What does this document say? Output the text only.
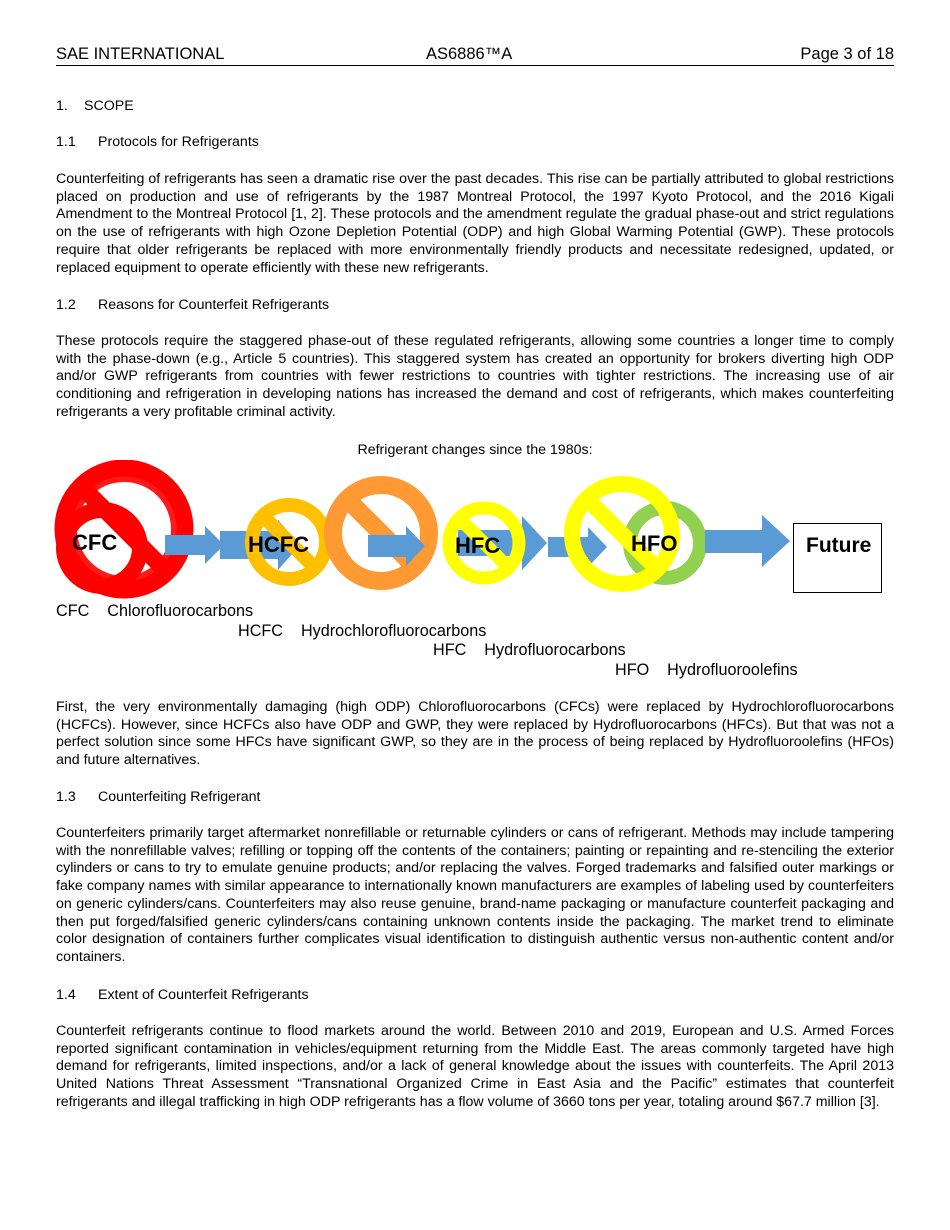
SAE INTERNATIONAL	AS6886™A	Page 3 of 18
1. SCOPE
1.1 Protocols for Refrigerants

Counterfeiting of refrigerants has seen a dramatic rise over the past decades. This rise can be partially attributed to global restrictions placed on production and use of refrigerants by the 1987 Montreal Protocol, the 1997 Kyoto Protocol, and the 2016 Kigali Amendment to the Montreal Protocol [1, 2]. These protocols and the amendment regulate the gradual phase-out and strict regulations on the use of refrigerants with high Ozone Depletion Potential (ODP) and high Global Warming Potential (GWP). These protocols require that older refrigerants be replaced with more environmentally friendly products and necessitate redesigned, updated, or replaced equipment to operate efficiently with these new refrigerants.

1.2 Reasons for Counterfeit Refrigerants

These protocols require the staggered phase-out of these regulated refrigerants, allowing some countries a longer time to comply with the phase-down (e.g., Article 5 countries). This staggered system has created an opportunity for brokers diverting high ODP and/or GWP refrigerants from countries with fewer restrictions to countries with tighter restrictions. The increasing use of air conditioning and refrigeration in developing nations has increased the demand and cost of refrigerants, which makes counterfeiting refrigerants a very profitable criminal activity.

Refrigerant changes since the 1980s:
CFC	HCFC	HFC	HFO	Future
CFC Chlorofluorocarbons
HCFC Hydrochlorofluorocarbons
HFC Hydrofluorocarbons
HFO Hydrofluoroolefins

First, the very environmentally damaging (high ODP) Chlorofluorocarbons (CFCs) were replaced by Hydrochlorofluorocarbons (HCFCs). However, since HCFCs also have ODP and GWP, they were replaced by Hydrofluorocarbons (HFCs). But that was not a perfect solution since some HFCs have significant GWP, so they are in the process of being replaced by Hydrofluoroolefins (HFOs) and future alternatives.

1.3 Counterfeiting Refrigerant

Counterfeiters primarily target aftermarket nonrefillable or returnable cylinders or cans of refrigerant. Methods may include tampering with the nonrefillable valves; refilling or topping off the contents of the containers; painting or repainting and re-stenciling the exterior cylinders or cans to try to emulate genuine products; and/or replacing the valves. Forged trademarks and falsified outer markings or fake company names with similar appearance to internationally known manufacturers are examples of labeling used by counterfeiters on generic cylinders/cans. Counterfeiters may also reuse genuine, brand-name packaging or manufacture counterfeit packaging and then put forged/falsified generic cylinders/cans containing unknown contents inside the packaging. The market trend to eliminate color designation of containers further complicates visual identification to distinguish authentic versus non-authentic content and/or containers.

1.4 Extent of Counterfeit Refrigerants

Counterfeit refrigerants continue to flood markets around the world. Between 2010 and 2019, European and U.S. Armed Forces reported significant contamination in vehicles/equipment returning from the Middle East. The areas commonly targeted have high demand for refrigerants, limited inspections, and/or a lack of general knowledge about the issues with counterfeits. The April 2013 United Nations Threat Assessment “Transnational Organized Crime in East Asia and the Pacific” estimates that counterfeit refrigerants and illegal trafficking in high ODP refrigerants has a flow volume of 3660 tons per year, totaling around $67.7 million [3].
